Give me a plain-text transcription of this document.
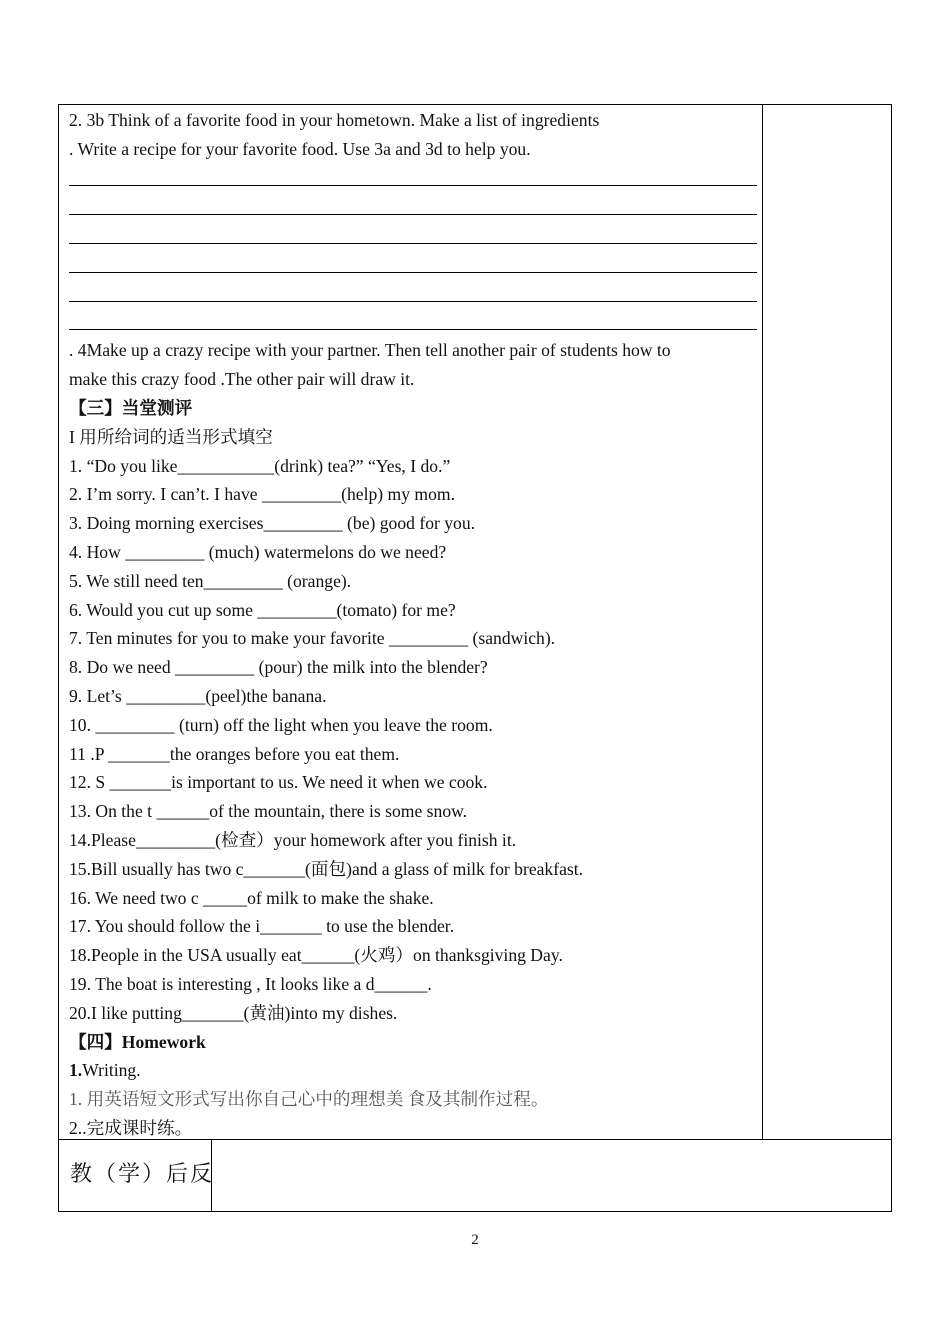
2. 3b Think of a favorite food in your hometown. Make a list of ingredients
. Write a recipe for your favorite food. Use 3a and 3d to help you.
. 4Make up a crazy recipe with your partner. Then tell another pair of students how to
make this crazy food .The other pair will draw it.
【三】当堂测评
I 用所给词的适当形式填空
1. “Do you like___________(drink) tea?” “Yes, I do.”
2. I’m sorry. I can’t. I have _________(help) my mom.
3. Doing morning exercises_________ (be) good for you.
4. How _________ (much) watermelons do we need?
5. We still need ten_________ (orange).
6. Would you cut up some _________(tomato) for me?
7. Ten minutes for you to make your favorite _________ (sandwich).
8. Do we need _________ (pour) the milk into the blender?
9. Let’s _________(peel)the banana.
10. _________ (turn) off the light when you leave the room.
11 .P _______the oranges before you eat them.
12. S _______is important to us. We need it when we cook.
13. On the t ______of the mountain, there is some snow.
14.Please_________(检查）your homework after you finish it.
15.Bill usually has two c_______(面包)and a glass of milk for breakfast.
16. We need two c _____of milk to make the shake.
17. You should follow the i_______ to use the blender.
18.People in the USA usually eat______(火鸡）on thanksgiving Day.
19. The boat is interesting , It looks like a d______.
20.I like putting_______(黄油)into my dishes.
【四】Homework
1.Writing.
1. 用英语短文形式写出你自己心中的理想美 食及其制作过程。
2..完成课时练。
教（学）后反
2
